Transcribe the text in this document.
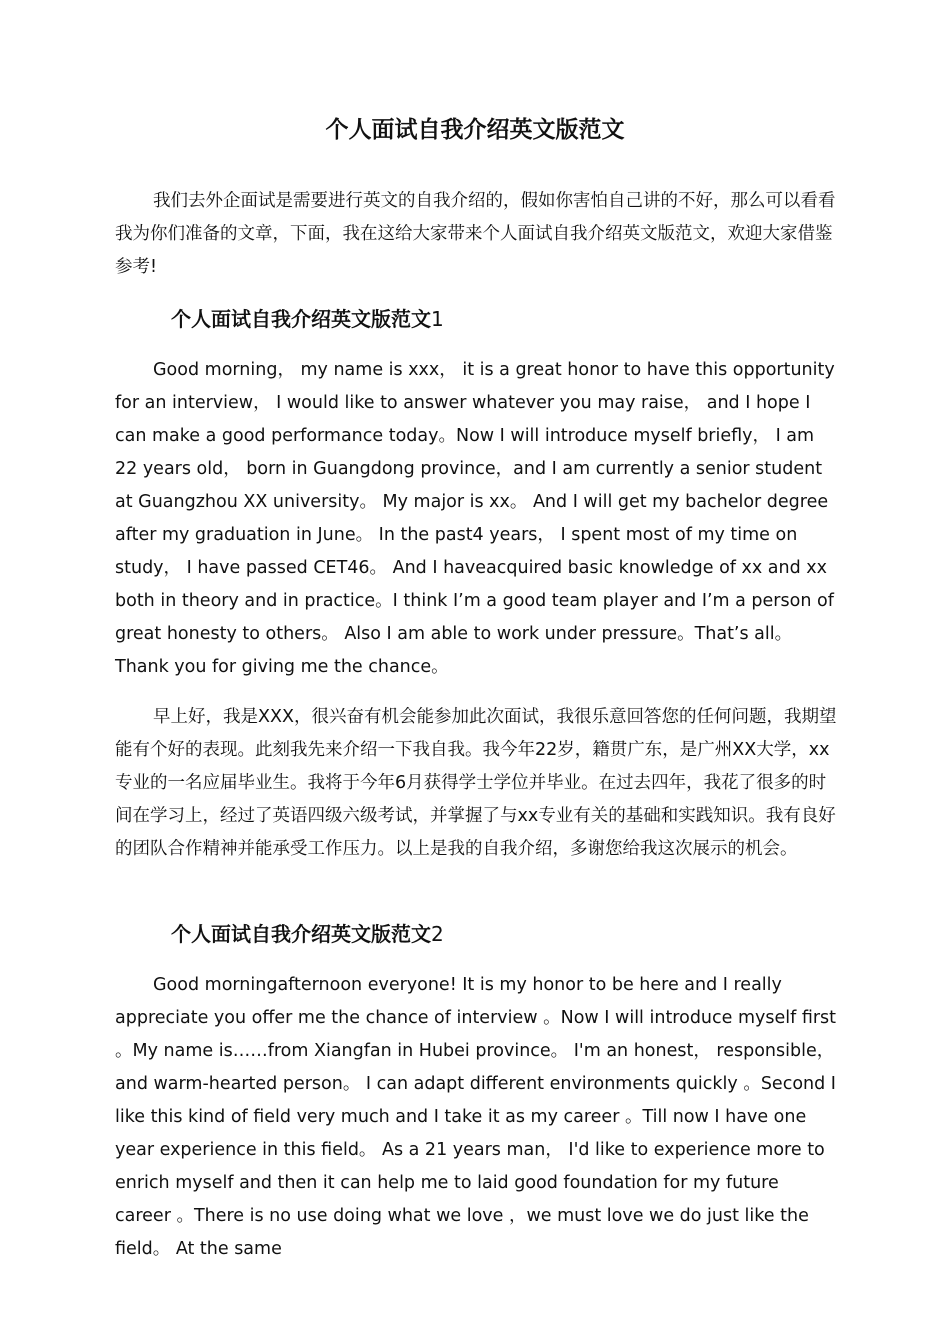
个人面试自我介绍英文版范文

我们去外企面试是需要进行英文的自我介绍的，假如你害怕自己讲的不好，那么可以看看我为你们准备的文章，下面，我在这给大家带来个人面试自我介绍英文版范文，欢迎大家借鉴参考!

个人面试自我介绍英文版范文1

Good morning， my name is xxx， it is a great honor to have this opportunity for an interview， I would like to answer whatever you may raise， and I hope I can make a good performance today。Now I will introduce myself briefly， I am 22 years old， born in Guangdong province，and I am currently a senior student at Guangzhou XX university。 My major is xx。 And I will get my bachelor degree after my graduation in June。 In the past4 years， I spent most of my time on study， I have passed CET46。 And I haveacquired basic knowledge of xx and xx both in theory and in practice。I think I’m a good team player and I’m a person of great honesty to others。 Also I am able to work under pressure。That’s all。 Thank you for giving me the chance。

早上好，我是XXX，很兴奋有机会能参加此次面试，我很乐意回答您的任何问题，我期望能有个好的表现。此刻我先来介绍一下我自我。我今年22岁，籍贯广东，是广州XX大学，xx专业的一名应届毕业生。我将于今年6月获得学士学位并毕业。在过去四年，我花了很多的时间在学习上，经过了英语四级六级考试，并掌握了与xx专业有关的基础和实践知识。我有良好的团队合作精神并能承受工作压力。以上是我的自我介绍，多谢您给我这次展示的机会。

个人面试自我介绍英文版范文2

Good morningafternoon everyone! It is my honor to be here and I really appreciate you offer me the chance of interview 。Now I will introduce myself first 。My name is……from Xiangfan in Hubei province。 I'm an honest， responsible， and warm-hearted person。 I can adapt different environments quickly 。Second I like this kind of field very much and I take it as my career 。Till now I have one year experience in this field。 As a 21 years man， I'd like to experience more to enrich myself and then it can help me to laid good foundation for my future career 。There is no use doing what we love ，we must love we do just like the field。 At the same
